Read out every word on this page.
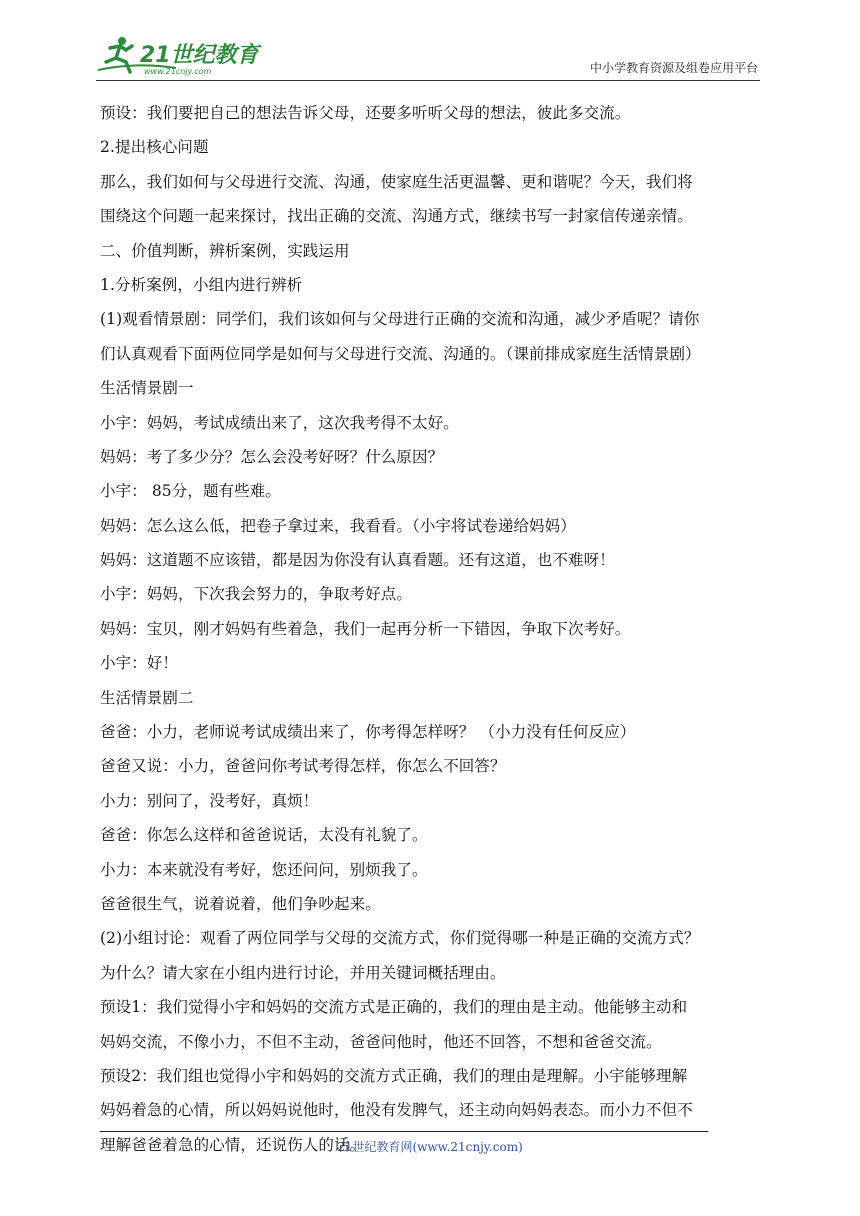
21世纪教育
www.21cnjy.com	中小学教育资源及组卷应用平台
预设：我们要把自己的想法告诉父母，还要多听听父母的想法，彼此多交流。
2.提出核心问题
那么，我们如何与父母进行交流、沟通，使家庭生活更温馨、更和谐呢？今天，我们将
围绕这个问题一起来探讨，找出正确的交流、沟通方式，继续书写一封家信传递亲情。
二、价值判断，辨析案例，实践运用
1.分析案例，小组内进行辨析
(1)观看情景剧：同学们，我们该如何与父母进行正确的交流和沟通，减少矛盾呢？请你
们认真观看下面两位同学是如何与父母进行交流、沟通的。（课前排成家庭生活情景剧）
生活情景剧一
小宇：妈妈，考试成绩出来了，这次我考得不太好。
妈妈：考了多少分？怎么会没考好呀？什么原因？
小宇： 85分，题有些难。
妈妈：怎么这么低，把卷子拿过来，我看看。（小宇将试卷递给妈妈）
妈妈：这道题不应该错，都是因为你没有认真看题。还有这道，也不难呀！
小宇：妈妈，下次我会努力的，争取考好点。
妈妈：宝贝，刚才妈妈有些着急，我们一起再分析一下错因，争取下次考好。
小宇：好！
生活情景剧二
爸爸：小力，老师说考试成绩出来了，你考得怎样呀？ （小力没有任何反应）
爸爸又说：小力，爸爸问你考试考得怎样，你怎么不回答？
小力：别问了，没考好，真烦！
爸爸：你怎么这样和爸爸说话，太没有礼貌了。
小力：本来就没有考好，您还问问，别烦我了。
爸爸很生气，说着说着，他们争吵起来。
(2)小组讨论：观看了两位同学与父母的交流方式，你们觉得哪一种是正确的交流方式？
为什么？请大家在小组内进行讨论，并用关键词概括理由。
预设1：我们觉得小宇和妈妈的交流方式是正确的，我们的理由是主动。他能够主动和
妈妈交流，不像小力，不但不主动，爸爸问他时，他还不回答，不想和爸爸交流。
预设2：我们组也觉得小宇和妈妈的交流方式正确，我们的理由是理解。小宇能够理解
妈妈着急的心情，所以妈妈说他时，他没有发脾气，还主动向妈妈表态。而小力不但不
理解爸爸着急的心情，还说伤人的话。
21世纪教育网(www.21cnjy.com)
